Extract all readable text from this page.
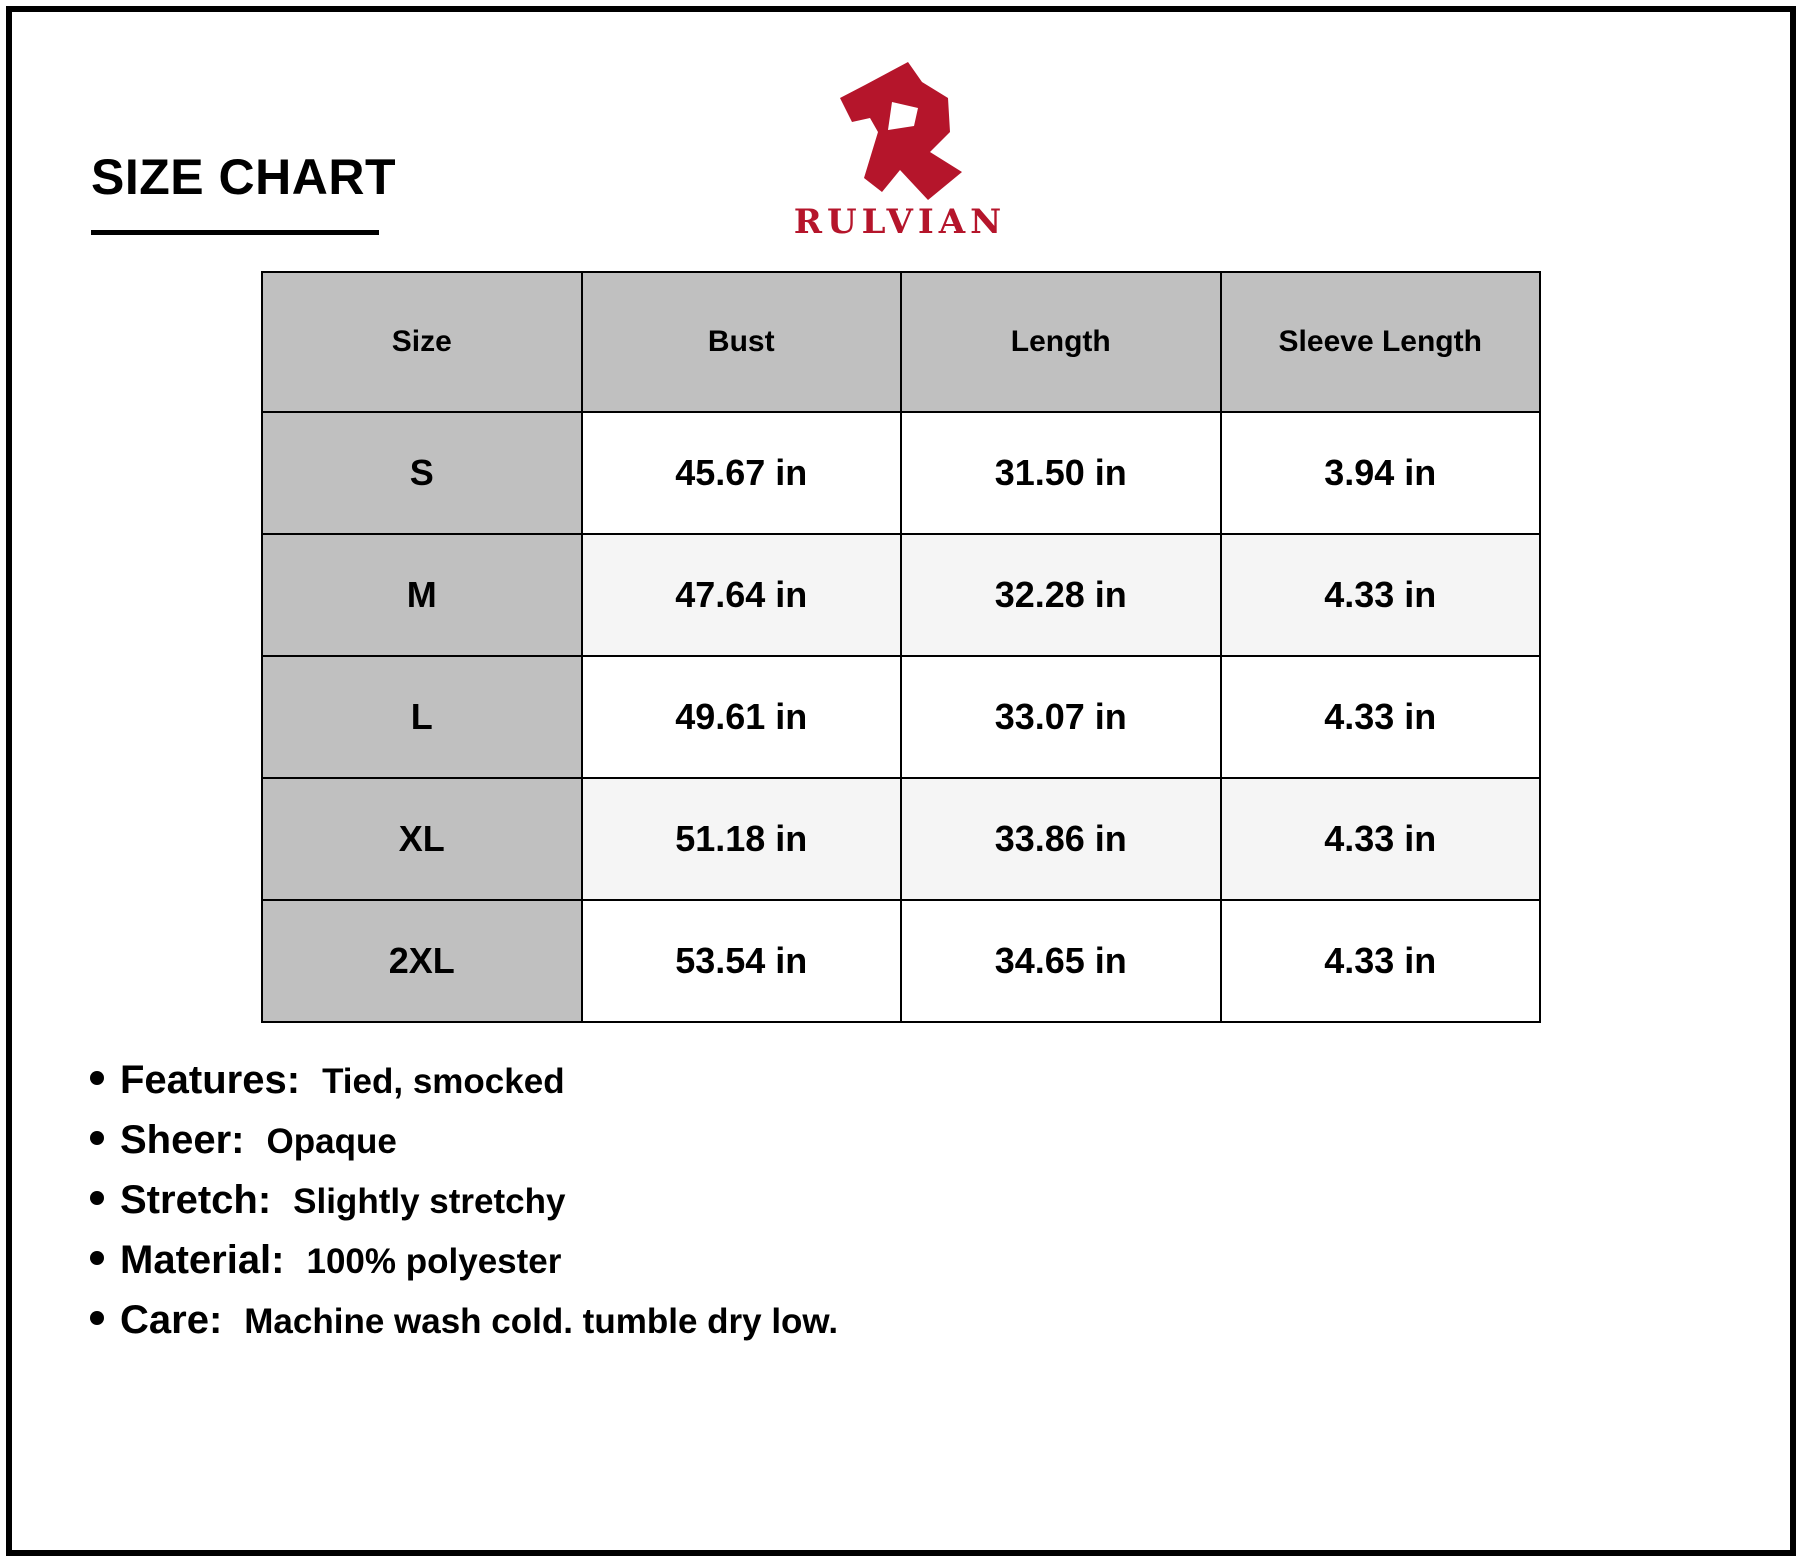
SIZE CHART
RULVIAN
Size	Bust	Length	Sleeve Length
S	45.67 in	31.50 in	3.94 in
M	47.64 in	32.28 in	4.33 in
L	49.61 in	33.07 in	4.33 in
XL	51.18 in	33.86 in	4.33 in
2XL	53.54 in	34.65 in	4.33 in
Features: Tied, smocked
Sheer: Opaque
Stretch: Slightly stretchy
Material: 100% polyester
Care: Machine wash cold. tumble dry low.
